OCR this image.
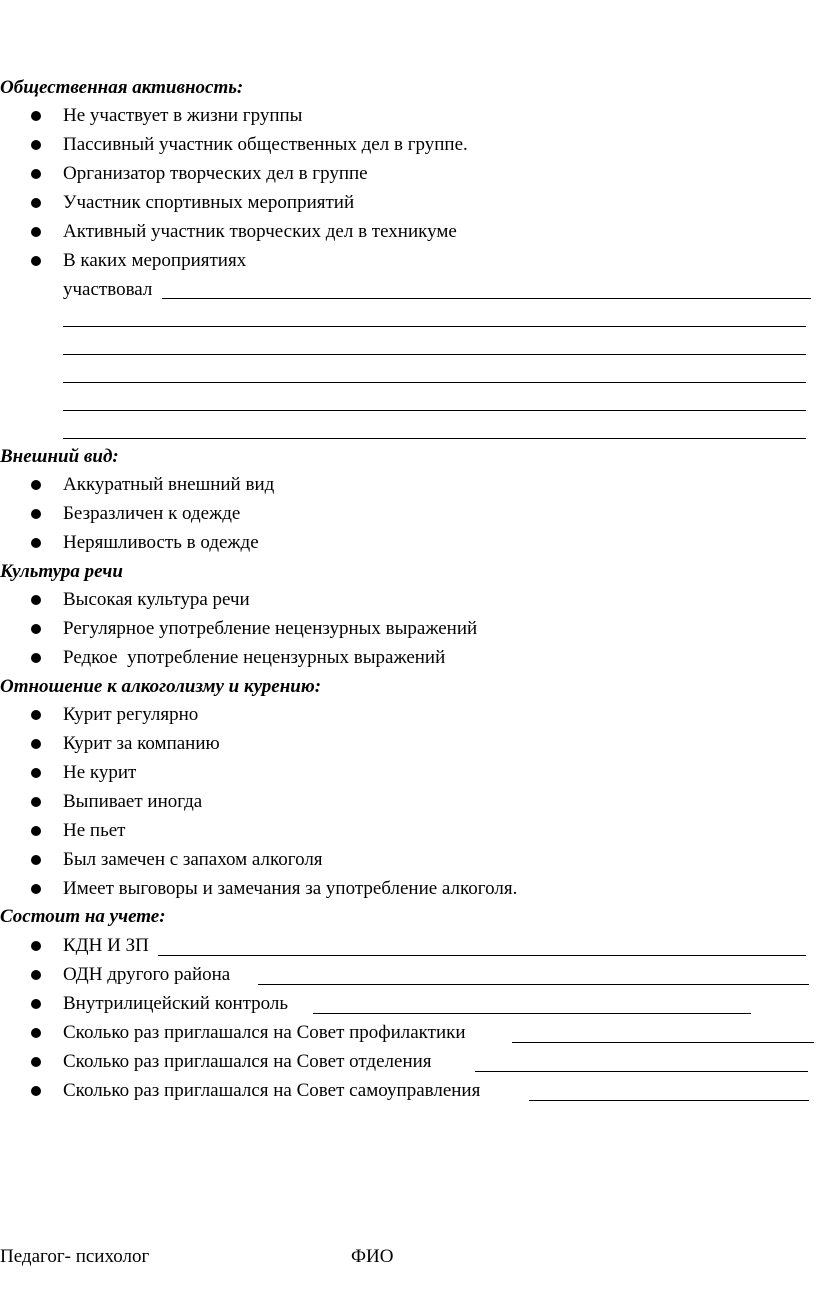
Общественная активность:
Не участвует в жизни группы
Пассивный участник общественных дел в группе.
Организатор творческих дел в группе
Участник спортивных мероприятий
Активный участник творческих дел в техникуме
В каких мероприятиях
участвовал
Внешний вид:
Аккуратный внешний вид
Безразличен к одежде
Неряшливость в одежде
Культура речи
Высокая культура речи
Регулярное употребление нецензурных выражений
Редкое  употребление нецензурных выражений
Отношение к алкоголизму и курению:
Курит регулярно
Курит за компанию
Не курит
Выпивает иногда
Не пьет
Был замечен с запахом алкоголя
Имеет выговоры и замечания за употребление алкоголя.
Состоит на учете:
КДН И ЗП
ОДН другого района
Внутрилицейский контроль
Сколько раз приглашался на Совет профилактики
Сколько раз приглашался на Совет отделения
Сколько раз приглашался на Совет самоуправления
Педагог- психолог	ФИО
